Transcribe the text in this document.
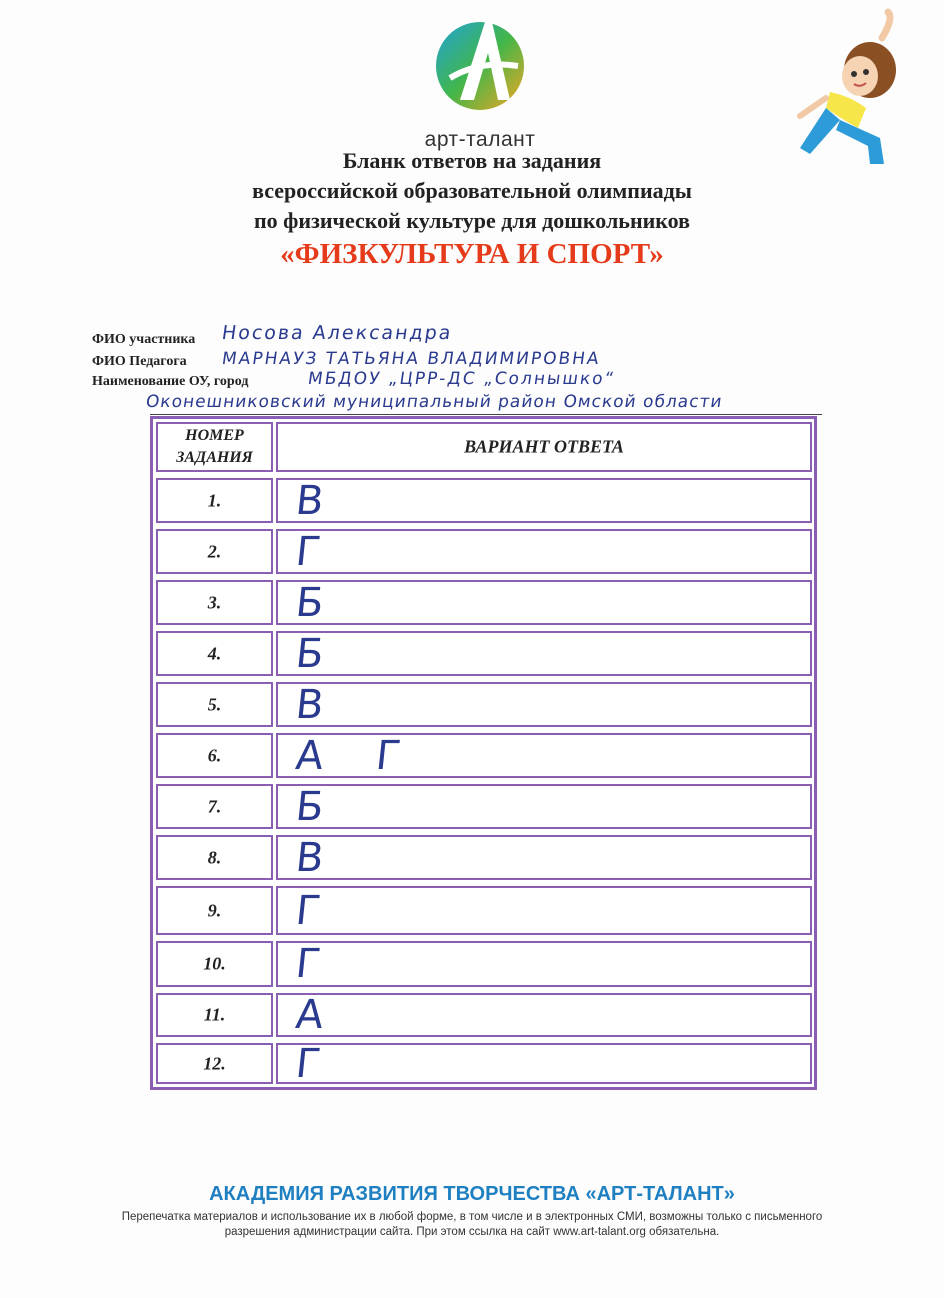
арт-талант
Бланк ответов на задания
всероссийской образовательной олимпиады
по физической культуре для дошкольников
«ФИЗКУЛЬТУРА И СПОРТ»
ФИО участника Носова Александра
ФИО Педагога МАРНАУЗ ТАТЬЯНА ВЛАДИМИРОВНА
Наименование ОУ, город	МБДОУ „ЦРР-ДС „Солнышко“
Оконешниковский муниципальный район Омской области
НОМЕР
ЗАДАНИЯ
ВАРИАНТ ОТВЕТА
1.	В
2.	Г
3.	Б
4.	Б
5.	В
6.	А Г
7.	Б
8.	В
9.	Г
10.	Г
11.	А
12.	Г
АКАДЕМИЯ РАЗВИТИЯ ТВОРЧЕСТВА «АРТ-ТАЛАНТ»
Перепечатка материалов и использование их в любой форме, в том числе и в электронных СМИ, возможны только с письменного разрешения администрации сайта. При этом ссылка на сайт www.art-talant.org обязательна.
